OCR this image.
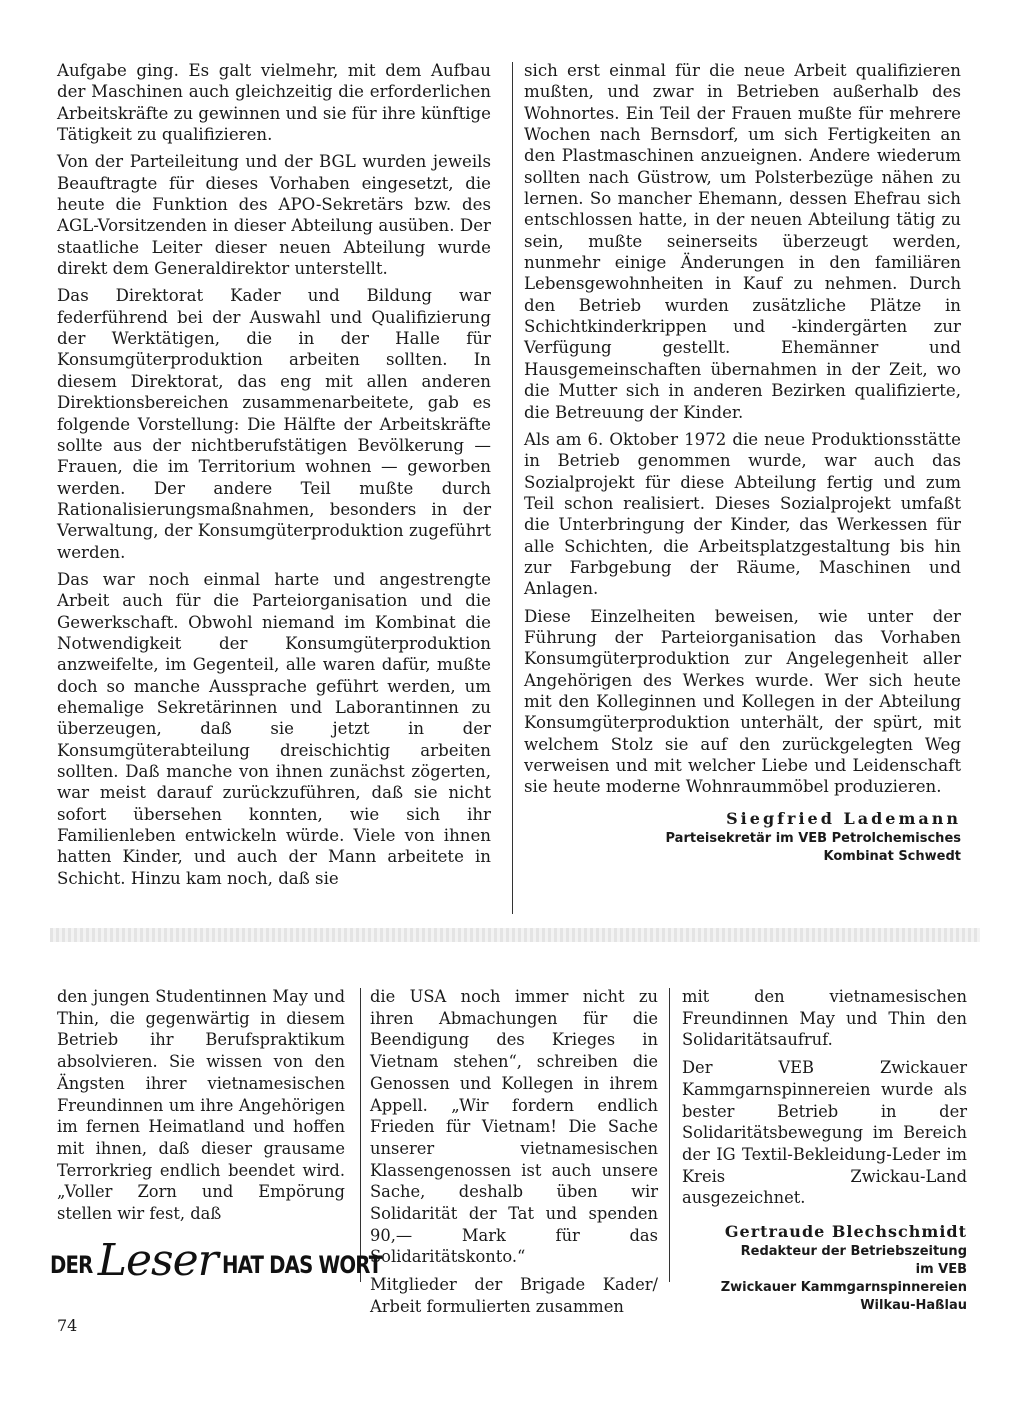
Aufgabe ging. Es galt vielmehr, mit dem Aufbau der Maschinen auch gleichzeitig die erforderlichen Arbeitskräfte zu gewinnen und sie für ihre künftige Tätigkeit zu qualifizieren.

Von der Parteileitung und der BGL wurden jeweils Beauftragte für dieses Vorhaben eingesetzt, die heute die Funktion des APO-Sekretärs bzw. des AGL-Vorsitzenden in dieser Abteilung ausüben. Der staatliche Leiter dieser neuen Abteilung wurde direkt dem Generaldirektor unterstellt.

Das Direktorat Kader und Bildung war federführend bei der Auswahl und Qualifizierung der Werktätigen, die in der Halle für Konsumgüterproduktion arbeiten sollten. In diesem Direktorat, das eng mit allen anderen Direktionsbereichen zusammenarbeitete, gab es folgende Vorstellung: Die Hälfte der Arbeitskräfte sollte aus der nichtberufstätigen Bevölkerung — Frauen, die im Territorium wohnen — geworben werden. Der andere Teil mußte durch Rationalisierungsmaßnahmen, besonders in der Verwaltung, der Konsumgüterproduktion zugeführt werden.

Das war noch einmal harte und angestrengte Arbeit auch für die Parteiorganisation und die Gewerkschaft. Obwohl niemand im Kombinat die Notwendigkeit der Konsumgüterproduktion anzweifelte, im Gegenteil, alle waren dafür, mußte doch so manche Aussprache geführt werden, um ehemalige Sekretärinnen und Laborantinnen zu überzeugen, daß sie jetzt in der Konsumgüterabteilung dreischichtig arbeiten sollten. Daß manche von ihnen zunächst zögerten, war meist darauf zurückzuführen, daß sie nicht sofort übersehen konnten, wie sich ihr Familienleben entwickeln würde. Viele von ihnen hatten Kinder, und auch der Mann arbeitete in Schicht. Hinzu kam noch, daß sie

sich erst einmal für die neue Arbeit qualifizieren mußten, und zwar in Betrieben außerhalb des Wohnortes. Ein Teil der Frauen mußte für mehrere Wochen nach Bernsdorf, um sich Fertigkeiten an den Plastmaschinen anzueignen. Andere wiederum sollten nach Güstrow, um Polsterbezüge nähen zu lernen. So mancher Ehemann, dessen Ehefrau sich entschlossen hatte, in der neuen Abteilung tätig zu sein, mußte seinerseits überzeugt werden, nunmehr einige Änderungen in den familiären Lebensgewohnheiten in Kauf zu nehmen. Durch den Betrieb wurden zusätzliche Plätze in Schichtkinderkrippen und -kindergärten zur Verfügung gestellt. Ehemänner und Hausgemeinschaften übernahmen in der Zeit, wo die Mutter sich in anderen Bezirken qualifizierte, die Betreuung der Kinder.

Als am 6. Oktober 1972 die neue Produktionsstätte in Betrieb genommen wurde, war auch das Sozialprojekt für diese Abteilung fertig und zum Teil schon realisiert. Dieses Sozialprojekt umfaßt die Unterbringung der Kinder, das Werkessen für alle Schichten, die Arbeitsplatzgestaltung bis hin zur Farbgebung der Räume, Maschinen und Anlagen.

Diese Einzelheiten beweisen, wie unter der Führung der Parteiorganisation das Vorhaben Konsumgüterproduktion zur Angelegenheit aller Angehörigen des Werkes wurde. Wer sich heute mit den Kolleginnen und Kollegen in der Abteilung Konsumgüterproduktion unterhält, der spürt, mit welchem Stolz sie auf den zurückgelegten Weg verweisen und mit welcher Liebe und Leidenschaft sie heute moderne Wohnraummöbel produzieren.

Siegfried Lademann
Parteisekretär im VEB Petrolchemisches
Kombinat Schwedt

den jungen Studentinnen May und Thin, die gegenwärtig in diesem Betrieb ihr Berufspraktikum absolvieren. Sie wissen von den Ängsten ihrer vietnamesischen Freundinnen um ihre Angehörigen im fernen Heimatland und hoffen mit ihnen, daß dieser grausame Terrorkrieg endlich beendet wird. „Voller Zorn und Empörung stellen wir fest, daß

die USA noch immer nicht zu ihren Abmachungen für die Beendigung des Krieges in Vietnam stehen“, schreiben die Genossen und Kollegen in ihrem Appell. „Wir fordern endlich Frieden für Vietnam! Die Sache unserer vietnamesischen Klassengenossen ist auch unsere Sache, deshalb üben wir Solidarität der Tat und spenden 90,— Mark für das Solidaritätskonto.“

Mitglieder der Brigade Kader/ Arbeit formulierten zusammen

mit den vietnamesischen Freundinnen May und Thin den Solidaritätsaufruf.

Der VEB Zwickauer Kammgarnspinnereien wurde als bester Betrieb in der Solidaritätsbewegung im Bereich der IG Textil-Bekleidung-Leder im Kreis Zwickau-Land ausgezeichnet.

Gertraude Blechschmidt
Redakteur der Betriebszeitung
im VEB
Zwickauer Kammgarnspinnereien
Wilkau-Haßlau
DER Leser HAT DAS WORT
74
